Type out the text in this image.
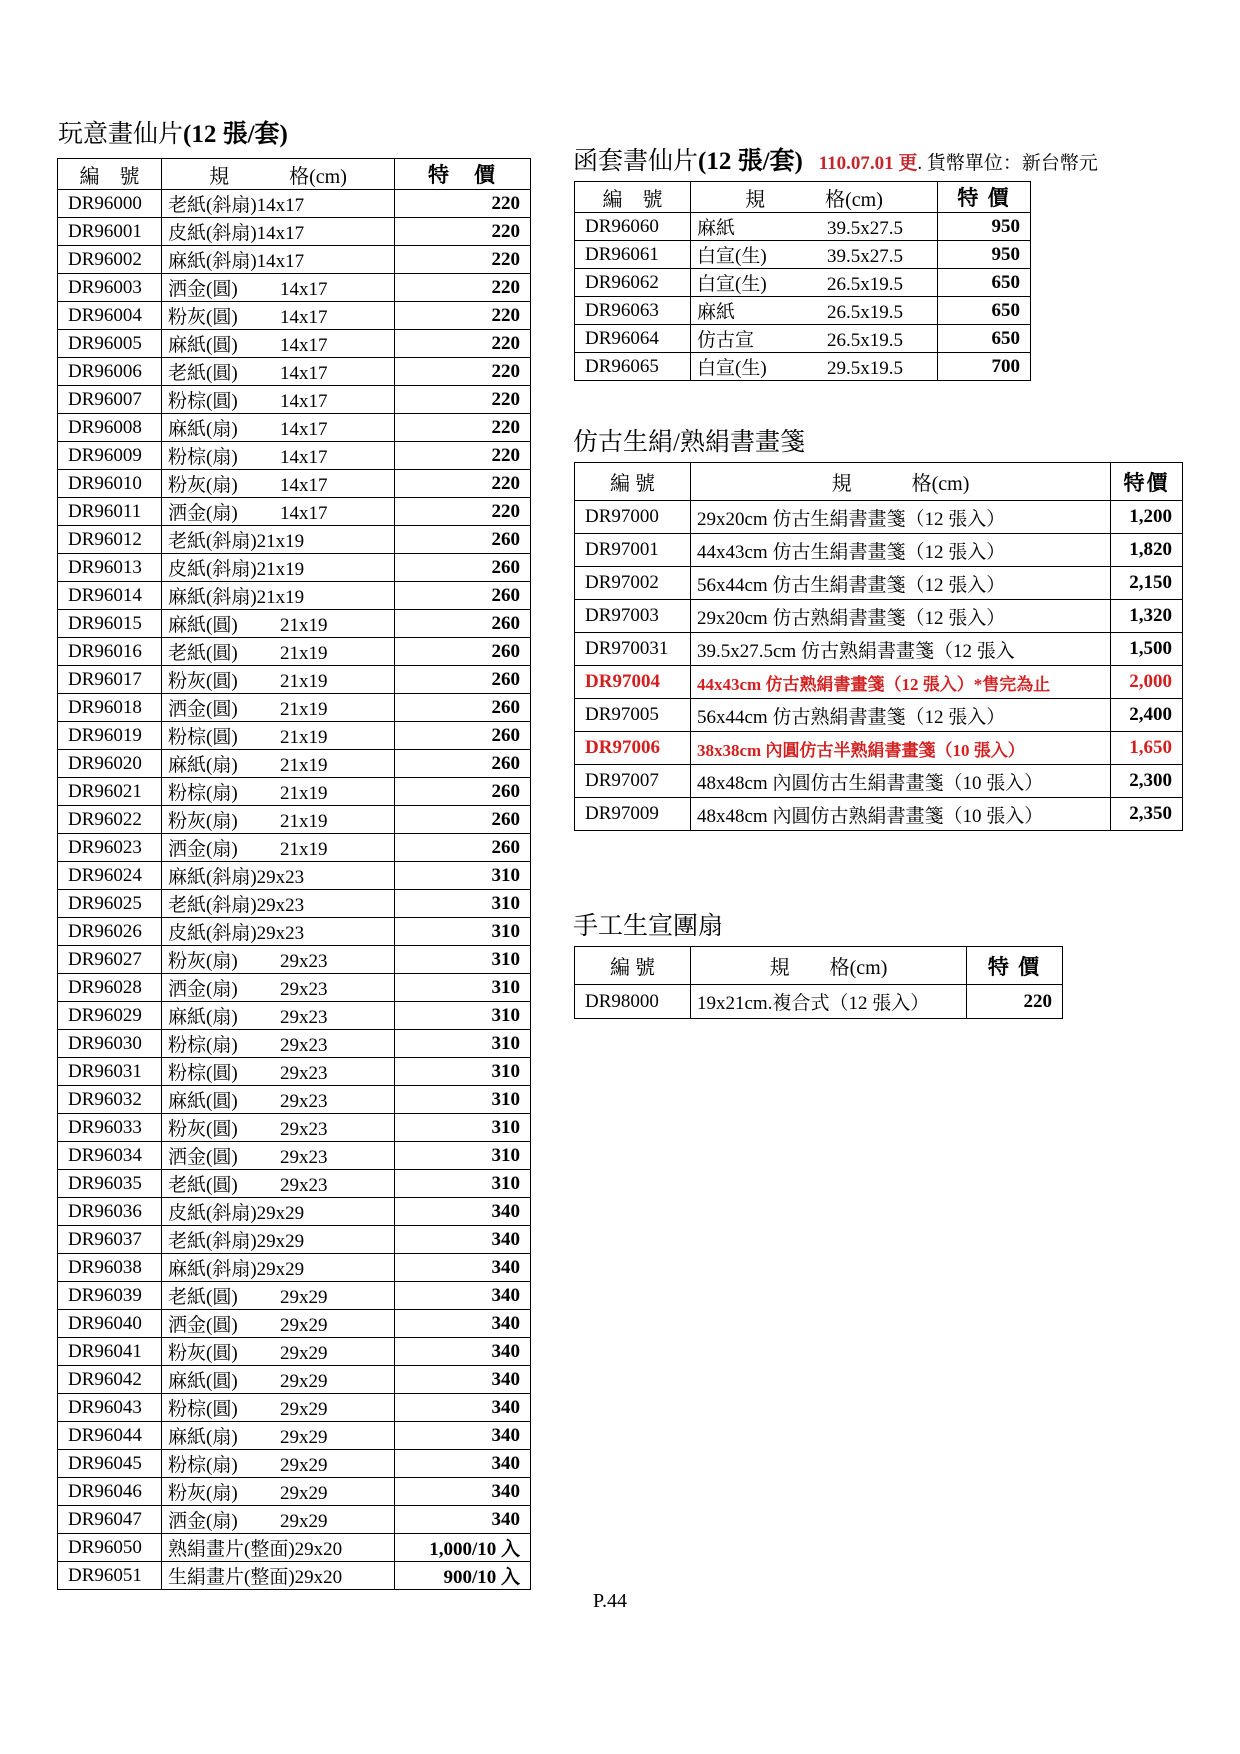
玩意畫仙片(12 張/套)
編　號	規　　　格(cm)	特　價
DR96000	老紙(斜扇)14x17	220
DR96001	皮紙(斜扇)14x17	220
DR96002	麻紙(斜扇)14x17	220
DR96003	洒金(圓) 14x17	220
DR96004	粉灰(圓) 14x17	220
DR96005	麻紙(圓) 14x17	220
DR96006	老紙(圓) 14x17	220
DR96007	粉棕(圓) 14x17	220
DR96008	麻紙(扇) 14x17	220
DR96009	粉棕(扇) 14x17	220
DR96010	粉灰(扇) 14x17	220
DR96011	洒金(扇) 14x17	220
DR96012	老紙(斜扇)21x19	260
DR96013	皮紙(斜扇)21x19	260
DR96014	麻紙(斜扇)21x19	260
DR96015	麻紙(圓) 21x19	260
DR96016	老紙(圓) 21x19	260
DR96017	粉灰(圓) 21x19	260
DR96018	洒金(圓) 21x19	260
DR96019	粉棕(圓) 21x19	260
DR96020	麻紙(扇) 21x19	260
DR96021	粉棕(扇) 21x19	260
DR96022	粉灰(扇) 21x19	260
DR96023	洒金(扇) 21x19	260
DR96024	麻紙(斜扇)29x23	310
DR96025	老紙(斜扇)29x23	310
DR96026	皮紙(斜扇)29x23	310
DR96027	粉灰(扇) 29x23	310
DR96028	洒金(扇) 29x23	310
DR96029	麻紙(扇) 29x23	310
DR96030	粉棕(扇) 29x23	310
DR96031	粉棕(圓) 29x23	310
DR96032	麻紙(圓) 29x23	310
DR96033	粉灰(圓) 29x23	310
DR96034	洒金(圓) 29x23	310
DR96035	老紙(圓) 29x23	310
DR96036	皮紙(斜扇)29x29	340
DR96037	老紙(斜扇)29x29	340
DR96038	麻紙(斜扇)29x29	340
DR96039	老紙(圓) 29x29	340
DR96040	洒金(圓) 29x29	340
DR96041	粉灰(圓) 29x29	340
DR96042	麻紙(圓) 29x29	340
DR96043	粉棕(圓) 29x29	340
DR96044	麻紙(扇) 29x29	340
DR96045	粉棕(扇) 29x29	340
DR96046	粉灰(扇) 29x29	340
DR96047	洒金(扇) 29x29	340
DR96050	熟絹畫片(整面)29x20	1,000/10 入
DR96051	生絹畫片(整面)29x20	900/10 入
函套書仙片(12 張/套) 110.07.01 更. 貨幣單位：新台幣元
編　號	規　　　格(cm)	特 價
DR96060	麻紙 39.5x27.5	950
DR96061	白宣(生) 39.5x27.5	950
DR96062	白宣(生) 26.5x19.5	650
DR96063	麻紙 26.5x19.5	650
DR96064	仿古宣 26.5x19.5	650
DR96065	白宣(生) 29.5x19.5	700
仿古生絹/熟絹書畫箋
編 號	規　　　格(cm)	特價
DR97000	29x20cm 仿古生絹書畫箋（12 張入）	1,200
DR97001	44x43cm 仿古生絹書畫箋（12 張入）	1,820
DR97002	56x44cm 仿古生絹書畫箋（12 張入）	2,150
DR97003	29x20cm 仿古熟絹書畫箋（12 張入）	1,320
DR970031	39.5x27.5cm 仿古熟絹書畫箋（12 張入	1,500
DR97004	44x43cm 仿古熟絹書畫箋（12 張入）*售完為止	2,000
DR97005	56x44cm 仿古熟絹書畫箋（12 張入）	2,400
DR97006	38x38cm 內圓仿古半熟絹書畫箋（10 張入）	1,650
DR97007	48x48cm 內圓仿古生絹書畫箋（10 張入）	2,300
DR97009	48x48cm 內圓仿古熟絹書畫箋（10 張入）	2,350
手工生宣團扇
編 號	規　　格(cm)	特 價
DR98000	19x21cm.複合式（12 張入）	220
P.44
